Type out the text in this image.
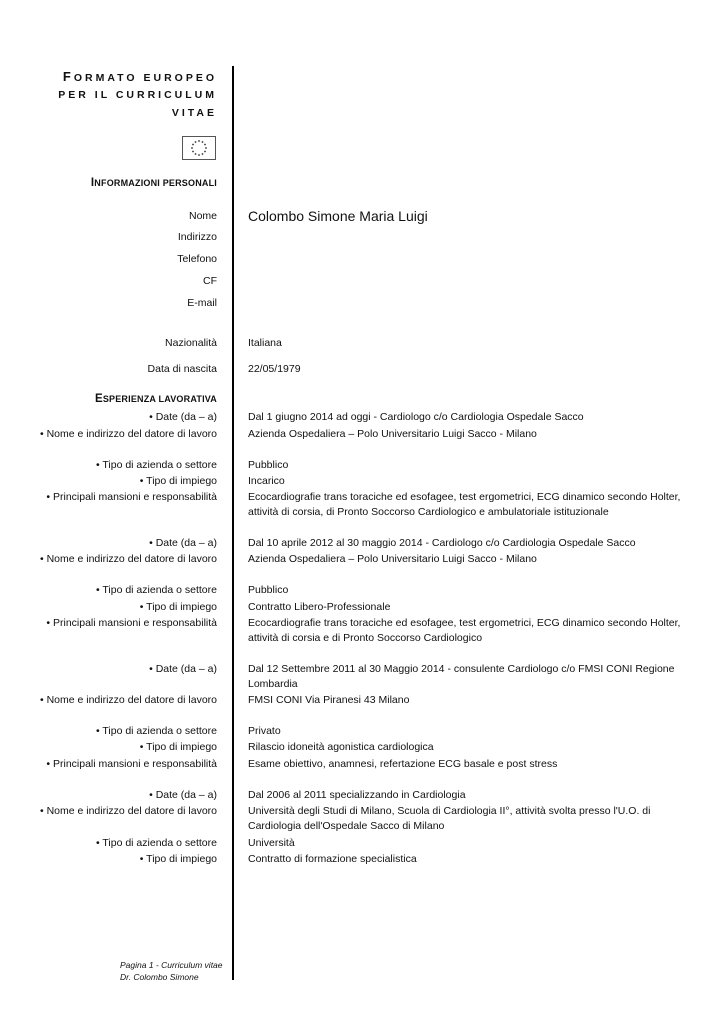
FORMATO EUROPEO
PER IL CURRICULUM
VITAE
INFORMAZIONI PERSONALI
Nome Colombo Simone Maria Luigi
Indirizzo
Telefono
CF
E-mail
Nazionalità	Italiana
Data di nascita	22/05/1979
ESPERIENZA LAVORATIVA
• Date (da – a)	Dal 1 giugno 2014 ad oggi - Cardiologo c/o Cardiologia Ospedale Sacco
• Nome e indirizzo del datore di lavoro	Azienda Ospedaliera – Polo Universitario Luigi Sacco - Milano
• Tipo di azienda o settore	Pubblico
• Tipo di impiego	Incarico
• Principali mansioni e responsabilità	Ecocardiografie trans toraciche ed esofagee, test ergometrici, ECG dinamico secondo Holter, attività di corsia, di Pronto Soccorso Cardiologico e ambulatoriale istituzionale
• Date (da – a)	Dal 10 aprile 2012 al 30 maggio 2014 - Cardiologo c/o Cardiologia Ospedale Sacco
• Nome e indirizzo del datore di lavoro	Azienda Ospedaliera – Polo Universitario Luigi Sacco - Milano
• Tipo di azienda o settore	Pubblico
• Tipo di impiego	Contratto Libero-Professionale
• Principali mansioni e responsabilità	Ecocardiografie trans toraciche ed esofagee, test ergometrici, ECG dinamico secondo Holter, attività di corsia e di Pronto Soccorso Cardiologico
• Date (da – a)	Dal 12 Settembre 2011 al 30 Maggio 2014 - consulente Cardiologo c/o FMSI CONI Regione Lombardia
• Nome e indirizzo del datore di lavoro	FMSI CONI Via Piranesi 43 Milano
• Tipo di azienda o settore	Privato
• Tipo di impiego	Rilascio idoneità agonistica cardiologica
• Principali mansioni e responsabilità	Esame obiettivo, anamnesi, refertazione ECG basale e post stress
• Date (da – a)	Dal 2006 al 2011 specializzando in Cardiologia
• Nome e indirizzo del datore di lavoro	Università degli Studi di Milano, Scuola di Cardiologia II°, attività svolta presso l'U.O. di Cardiologia dell'Ospedale Sacco di Milano
• Tipo di azienda o settore	Università
• Tipo di impiego	Contratto di formazione specialistica
Pagina 1 - Curriculum vitae
Dr. Colombo Simone
